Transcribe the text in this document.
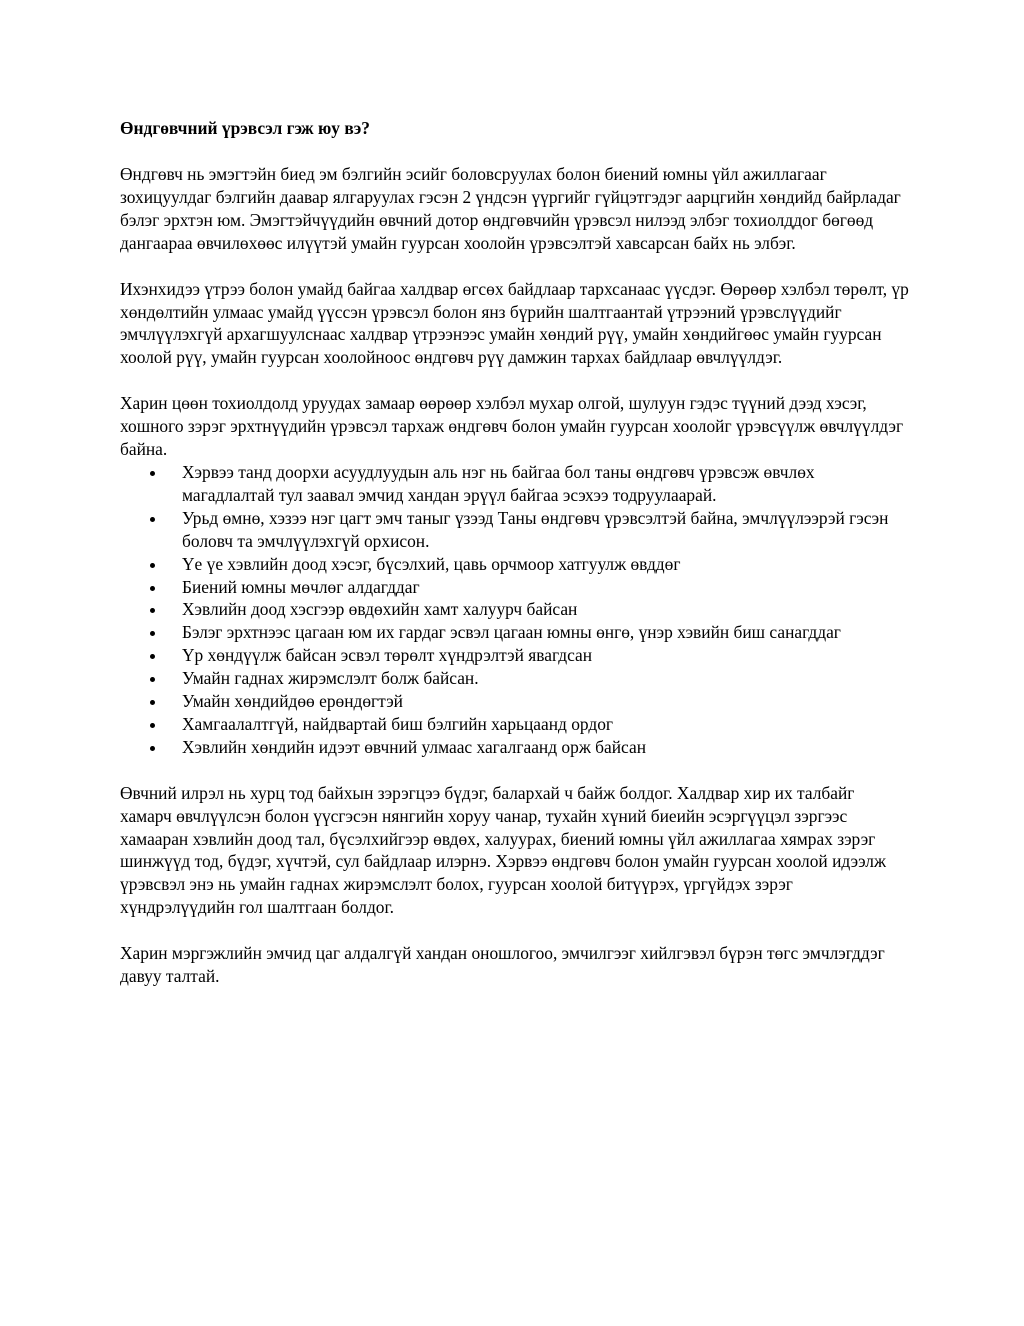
Өндгөвчний үрэвсэл гэж юу вэ?

Өндгөвч нь эмэгтэйн биед эм бэлгийн эсийг боловсруулах болон биений юмны үйл ажиллагааг зохицуулдаг бэлгийн даавар ялгаруулах гэсэн 2 үндсэн үүргийг гүйцэтгэдэг аарцгийн хөндийд байрладаг бэлэг эрхтэн юм. Эмэгтэйчүүдийн өвчний дотор өндгөвчийн үрэвсэл нилээд элбэг тохиолддог бөгөөд дангаараа өвчилөхөөс илүүтэй умайн гуурсан хоолойн үрэвсэлтэй хавсарсан байх нь элбэг.

Ихэнхидээ үтрээ болон умайд байгаа халдвар өгсөх байдлаар тархсанаас үүсдэг. Өөрөөр хэлбэл төрөлт, үр хөндөлтийн улмаас умайд үүссэн үрэвсэл болон янз бүрийн шалтгаантай үтрээний үрэвслүүдийг эмчлүүлэхгүй архагшуулснаас халдвар үтрээнээс умайн хөндий рүү, умайн хөндийгөөс умайн гуурсан хоолой рүү, умайн гуурсан хоолойноос өндгөвч рүү дамжин тархах байдлаар өвчлүүлдэг.

Харин цөөн тохиолдолд уруудах замаар өөрөөр хэлбэл мухар олгой, шулуун гэдэс түүний дээд хэсэг, хошного зэрэг эрхтнүүдийн үрэвсэл тархаж өндгөвч болон умайн гуурсан хоолойг үрэвсүүлж өвчлүүлдэг байна.

Хэрвээ танд доорхи асуудлуудын аль нэг нь байгаа бол таны өндгөвч үрэвсэж өвчлөх магадлалтай тул заавал эмчид хандан эрүүл байгаа эсэхээ тодруулаарай.
Урьд өмнө, хэзээ нэг цагт эмч таныг үзээд Таны өндгөвч үрэвсэлтэй байна, эмчлүүлээрэй гэсэн боловч та эмчлүүлэхгүй орхисон.
Үе үе хэвлийн доод хэсэг, бүсэлхий, цавь орчмоор хатгуулж өвддөг
Биений юмны мөчлөг алдагддаг
Хэвлийн доод хэсгээр өвдөхийн хамт халуурч байсан
Бэлэг эрхтнээс цагаан юм их гардаг эсвэл цагаан юмны өнгө, үнэр хэвийн биш санагддаг
Үр хөндүүлж байсан эсвэл төрөлт хүндрэлтэй явагдсан
Умайн гаднах жирэмслэлт болж байсан.
Умайн хөндийдөө ерөндөгтэй
Хамгаалалтгүй, найдвартай биш бэлгийн харьцаанд ордог
Хэвлийн хөндийн идээт өвчний улмаас хагалгаанд орж байсан

Өвчний илрэл нь хурц тод байхын зэрэгцээ бүдэг, балархай ч байж болдог. Халдвар хир их талбайг хамарч өвчлүүлсэн болон үүсгэсэн нянгийн хоруу чанар, тухайн хүний биеийн эсэргүүцэл зэргээс хамааран хэвлийн доод тал, бүсэлхийгээр өвдөх, халуурах, биений юмны үйл ажиллагаа хямрах зэрэг шинжүүд тод, бүдэг, хүчтэй, сул байдлаар илэрнэ. Хэрвээ өндгөвч болон умайн гуурсан хоолой идээлж үрэвсвэл энэ нь умайн гаднах жирэмслэлт болох, гуурсан хоолой битүүрэх, үргүйдэх зэрэг хүндрэлүүдийн гол шалтгаан болдог.

Харин мэргэжлийн эмчид цаг алдалгүй хандан оношлогоо, эмчилгээг хийлгэвэл бүрэн төгс эмчлэгддэг давуу талтай.
